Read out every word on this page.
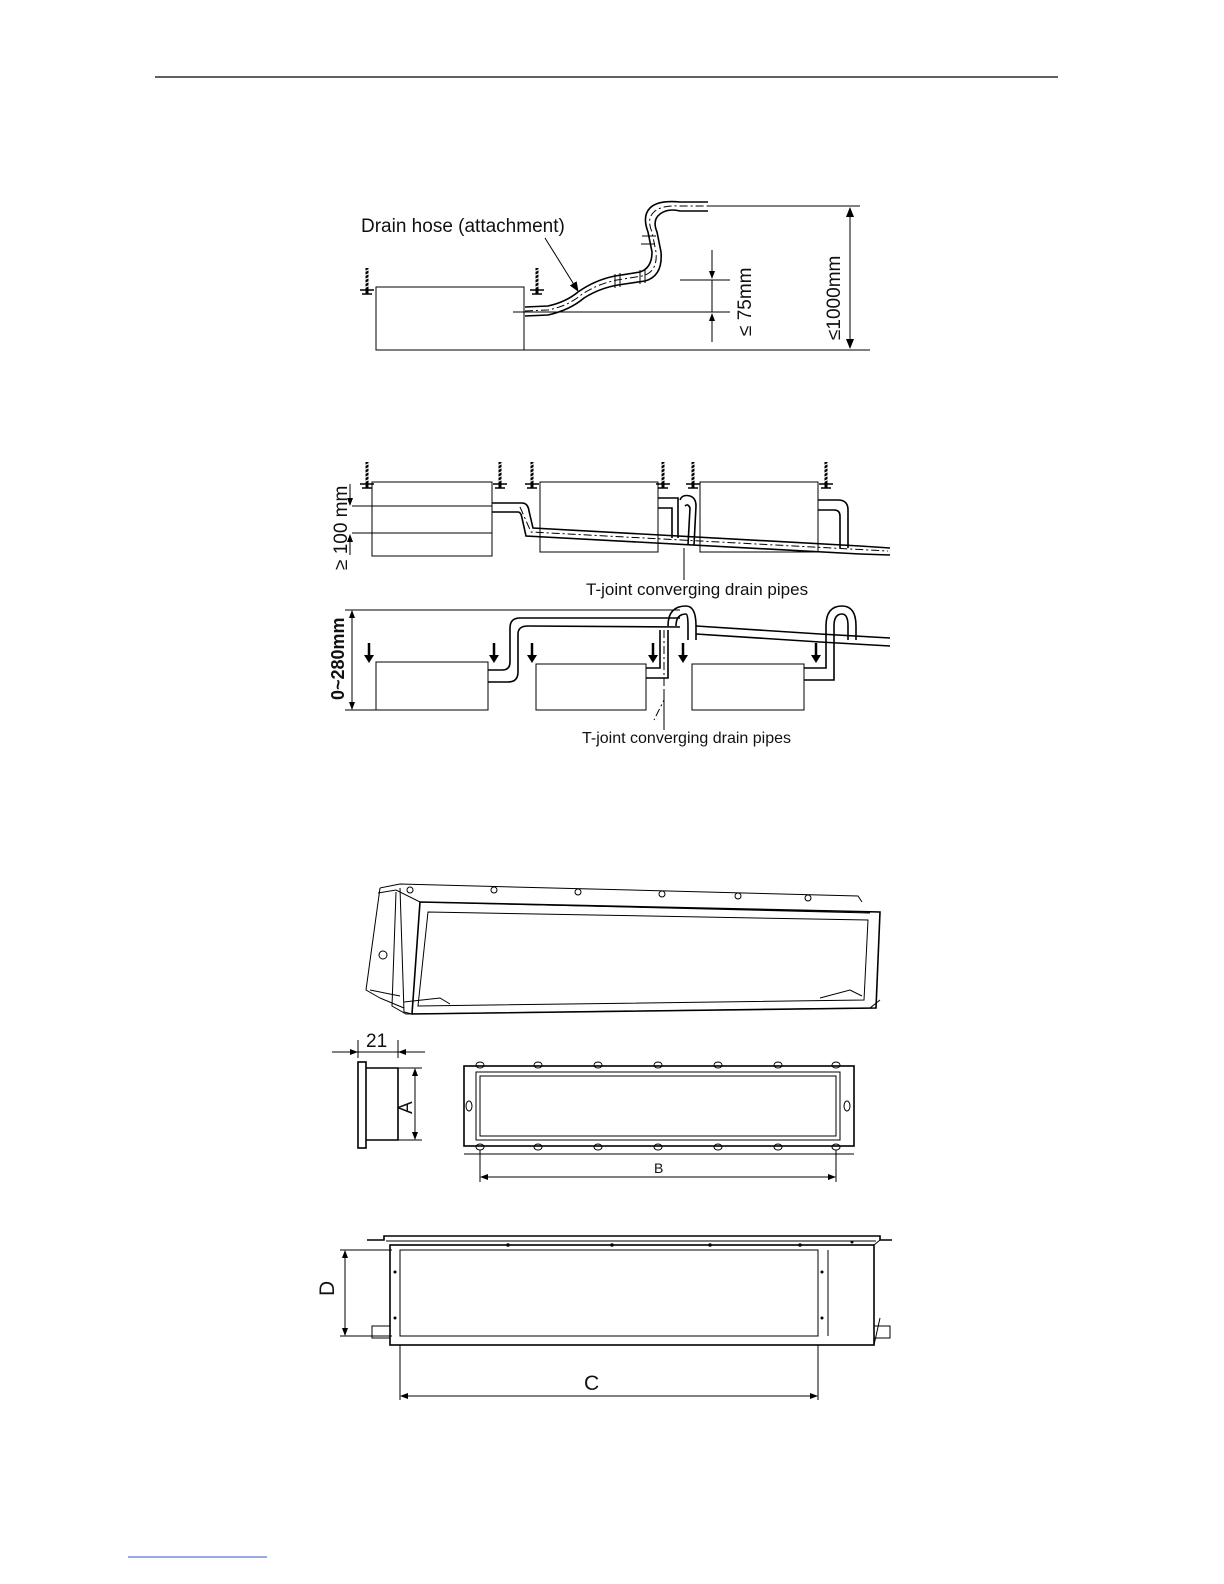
Drain hose (attachment)
≤ 75mm	≤1000mm
≥ 100 mm
T-joint converging drain pipes
0~280mm
T-joint converging drain pipes
21
A
B
D
C
